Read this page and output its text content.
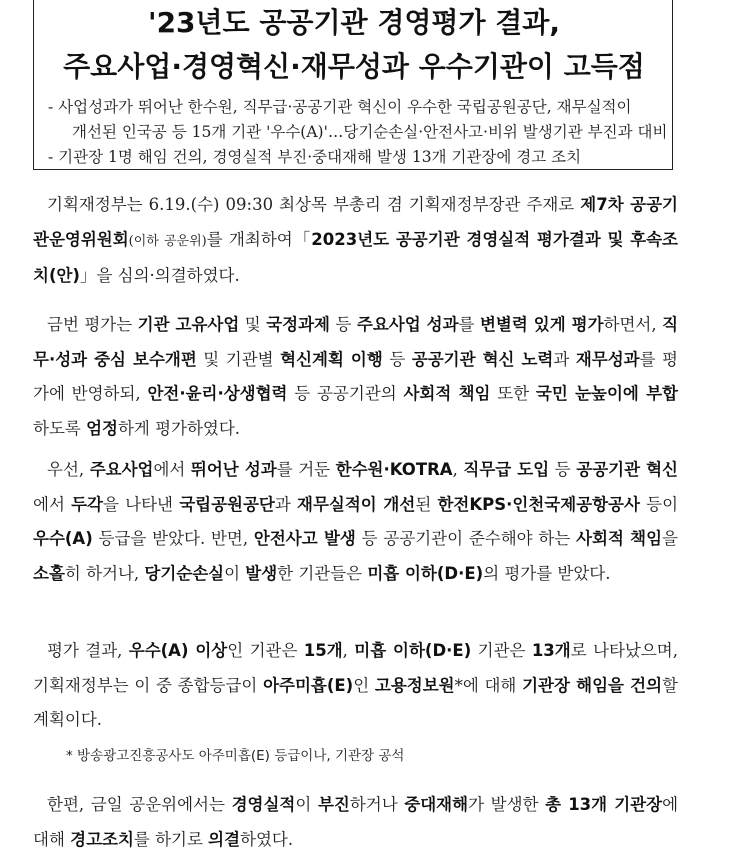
'23년도 공공기관 경영평가 결과,
주요사업·경영혁신·재무성과 우수기관이 고득점
- 사업성과가 뛰어난 한수원, 직무급·공공기관 혁신이 우수한 국립공원공단, 재무실적이
개선된 인국공 등 15개 기관 '우수(A)'…당기순손실·안전사고·비위 발생기관 부진과 대비
- 기관장 1명 해임 건의, 경영실적 부진·중대재해 발생 13개 기관장에 경고 조치
기획재정부는 6.19.(수) 09:30 최상목 부총리 겸 기획재정부장관 주재로 제7차 공공기관운영위원회(이하 공운위)를 개최하여「2023년도 공공기관 경영실적 평가결과 및 후속조치(안)」을 심의·의결하였다.
금번 평가는 기관 고유사업 및 국정과제 등 주요사업 성과를 변별력 있게 평가하면서, 직무·성과 중심 보수개편 및 기관별 혁신계획 이행 등 공공기관 혁신 노력과 재무성과를 평가에 반영하되, 안전·윤리·상생협력 등 공공기관의 사회적 책임 또한 국민 눈높이에 부합하도록 엄정하게 평가하였다.
우선, 주요사업에서 뛰어난 성과를 거둔 한수원·KOTRA, 직무급 도입 등 공공기관 혁신에서 두각을 나타낸 국립공원공단과 재무실적이 개선된 한전KPS·인천국제공항공사 등이 우수(A) 등급을 받았다. 반면, 안전사고 발생 등 공공기관이 준수해야 하는 사회적 책임을 소홀히 하거나, 당기순손실이 발생한 기관들은 미흡 이하(D·E)의 평가를 받았다.
평가 결과, 우수(A) 이상인 기관은 15개, 미흡 이하(D·E) 기관은 13개로 나타났으며, 기획재정부는 이 중 종합등급이 아주미흡(E)인 고용정보원*에 대해 기관장 해임을 건의할 계획이다.
* 방송광고진흥공사도 아주미흡(E) 등급이나, 기관장 공석
한편, 금일 공운위에서는 경영실적이 부진하거나 중대재해가 발생한 총 13개 기관장에 대해 경고조치를 하기로 의결하였다.
